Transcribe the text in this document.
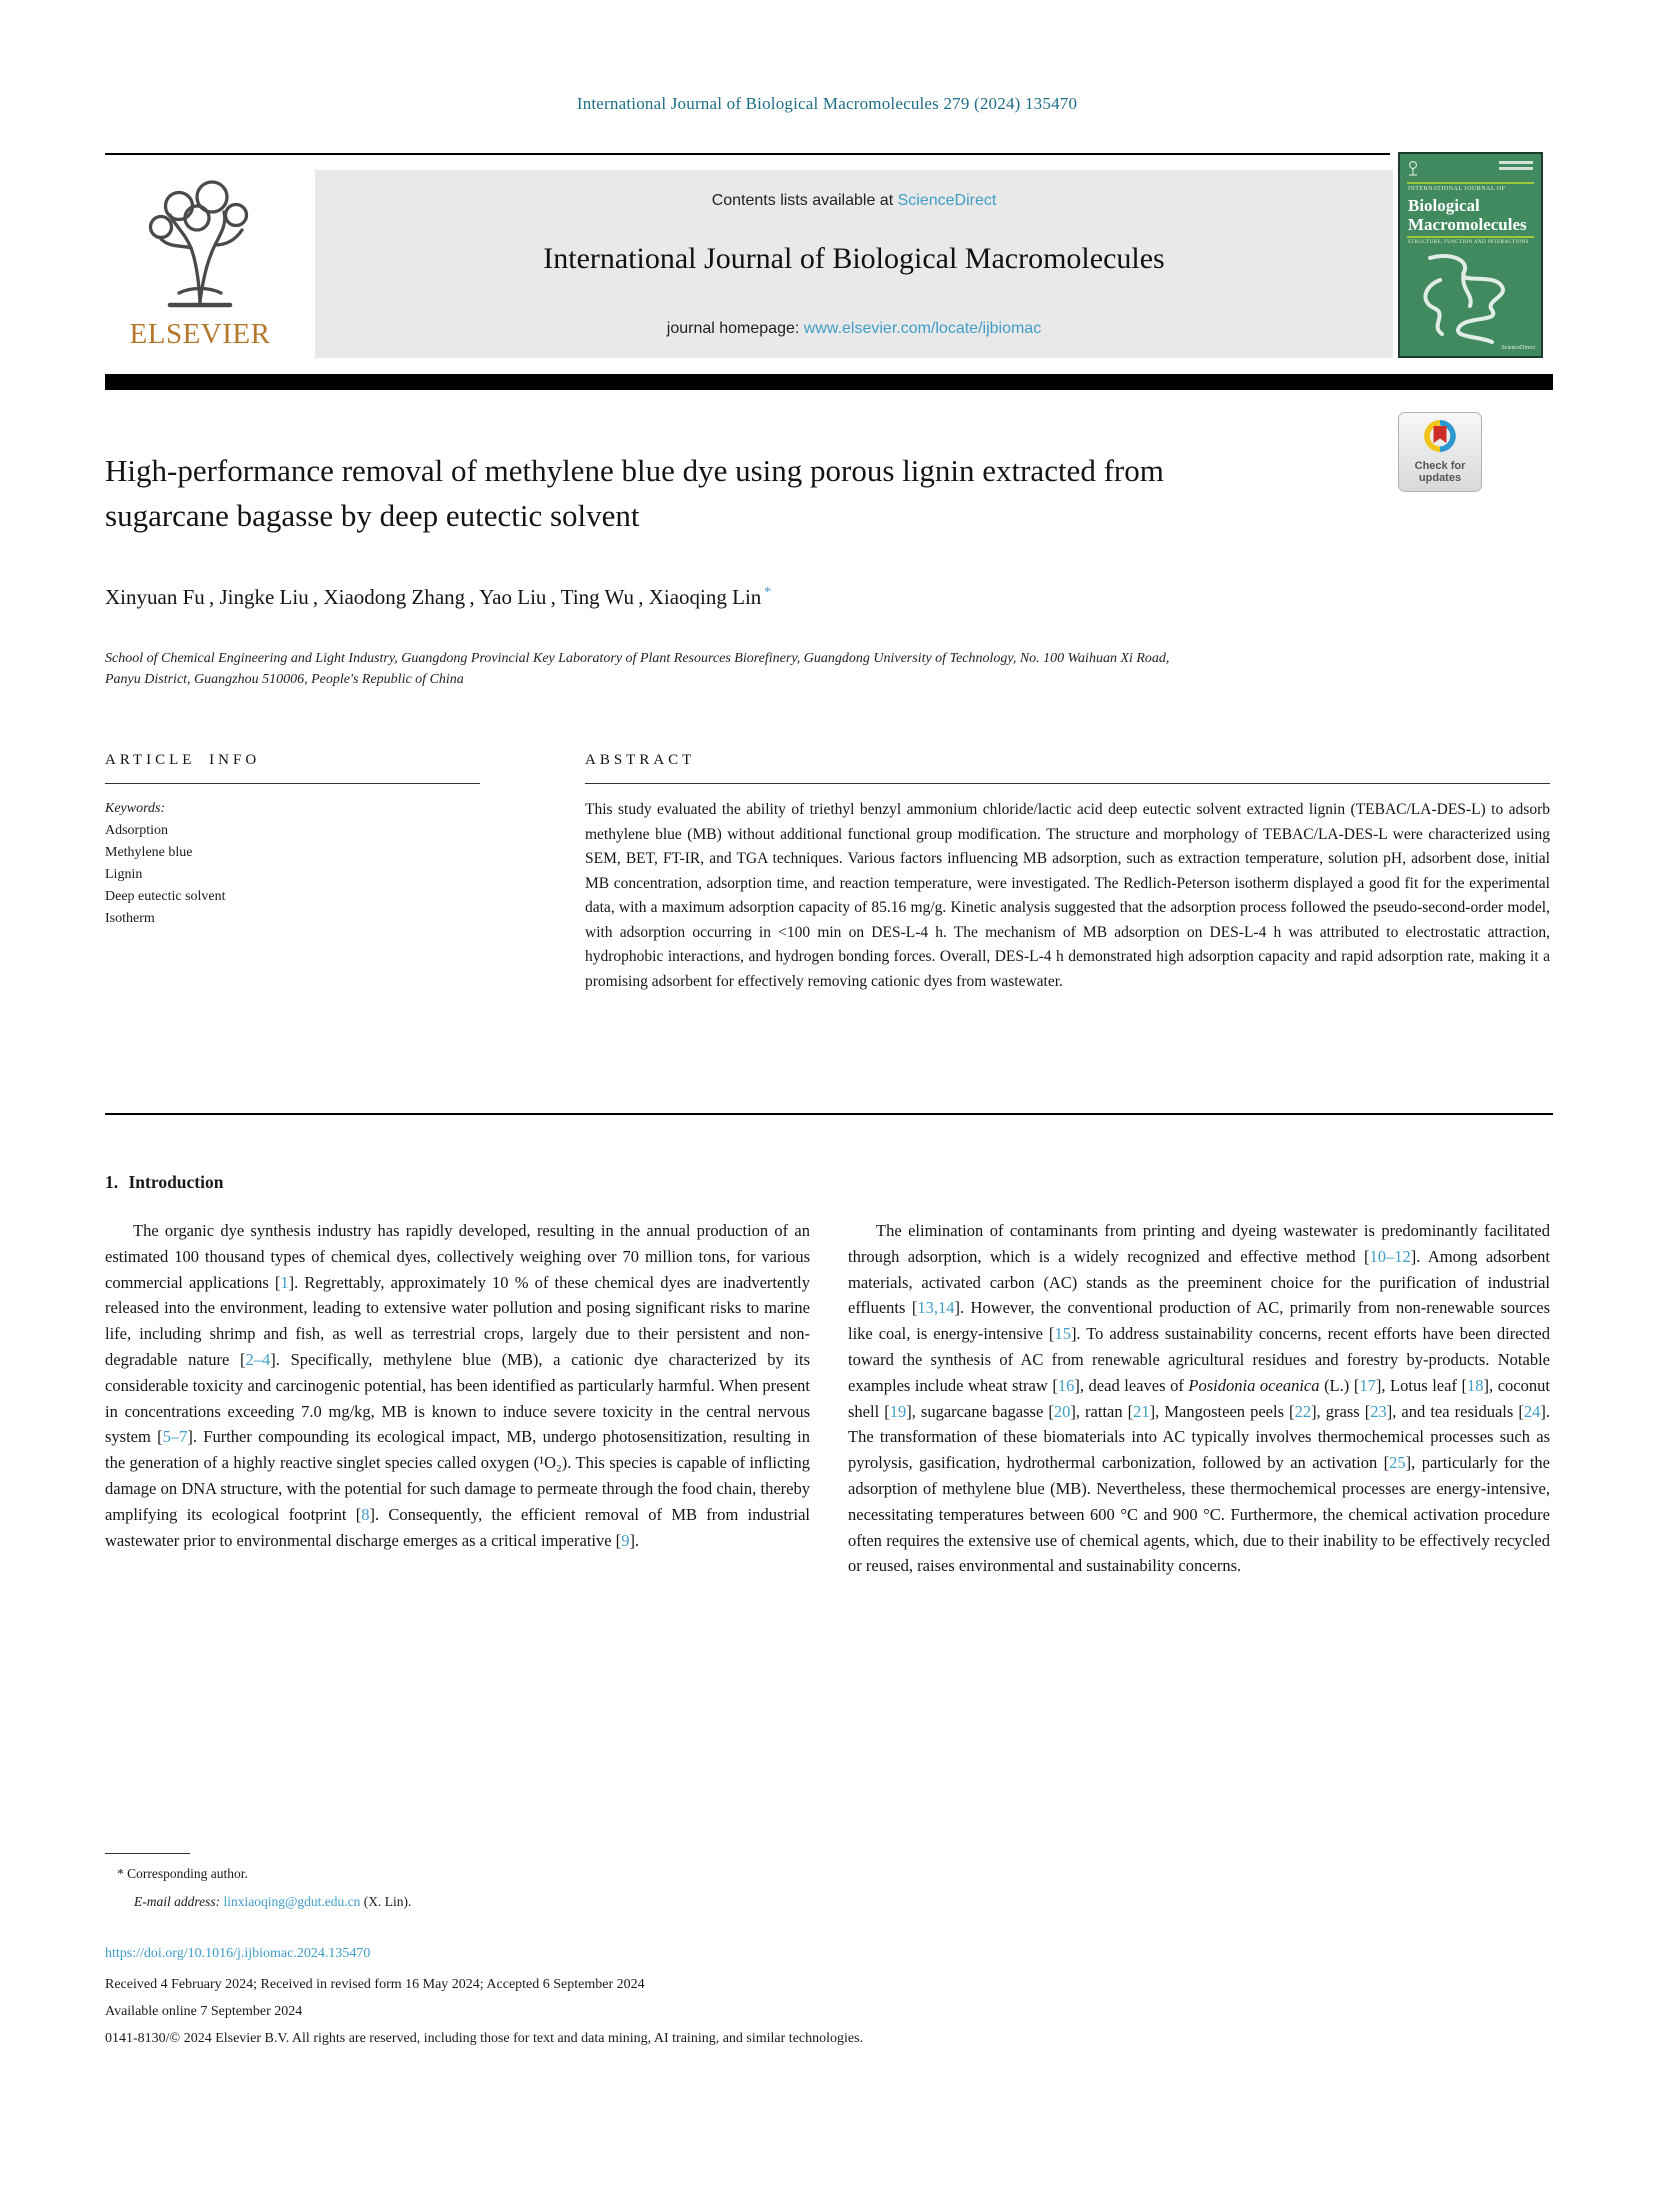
International Journal of Biological Macromolecules 279 (2024) 135470
ELSEVIER
Contents lists available at ScienceDirect
International Journal of Biological Macromolecules
journal homepage: www.elsevier.com/locate/ijbiomac
INTERNATIONAL JOURNAL OF
Biological
Macromolecules
STRUCTURE, FUNCTION AND INTERACTIONS
ScienceDirect
Check for
updates
High-performance removal of methylene blue dye using porous lignin extracted from sugarcane bagasse by deep eutectic solvent
Xinyuan Fu , Jingke Liu , Xiaodong Zhang , Yao Liu , Ting Wu , Xiaoqing Lin *
School of Chemical Engineering and Light Industry, Guangdong Provincial Key Laboratory of Plant Resources Biorefinery, Guangdong University of Technology, No. 100 Waihuan Xi Road, Panyu District, Guangzhou 510006, People's Republic of China
ARTICLE INFO
Keywords:
Adsorption
Methylene blue
Lignin
Deep eutectic solvent
Isotherm
ABSTRACT
This study evaluated the ability of triethyl benzyl ammonium chloride/lactic acid deep eutectic solvent extracted lignin (TEBAC/LA-DES-L) to adsorb methylene blue (MB) without additional functional group modification. The structure and morphology of TEBAC/LA-DES-L were characterized using SEM, BET, FT-IR, and TGA techniques. Various factors influencing MB adsorption, such as extraction temperature, solution pH, adsorbent dose, initial MB concentration, adsorption time, and reaction temperature, were investigated. The Redlich-Peterson isotherm displayed a good fit for the experimental data, with a maximum adsorption capacity of 85.16 mg/g. Kinetic analysis suggested that the adsorption process followed the pseudo-second-order model, with adsorption occurring in <100 min on DES-L-4 h. The mechanism of MB adsorption on DES-L-4 h was attributed to electrostatic attraction, hydrophobic interactions, and hydrogen bonding forces. Overall, DES-L-4 h demonstrated high adsorption capacity and rapid adsorption rate, making it a promising adsorbent for effectively removing cationic dyes from wastewater.
1. Introduction

The organic dye synthesis industry has rapidly developed, resulting in the annual production of an estimated 100 thousand types of chemical dyes, collectively weighing over 70 million tons, for various commercial applications [1]. Regrettably, approximately 10 % of these chemical dyes are inadvertently released into the environment, leading to extensive water pollution and posing significant risks to marine life, including shrimp and fish, as well as terrestrial crops, largely due to their persistent and non-degradable nature [2–4]. Specifically, methylene blue (MB), a cationic dye characterized by its considerable toxicity and carcinogenic potential, has been identified as particularly harmful. When present in concentrations exceeding 7.0 mg/kg, MB is known to induce severe toxicity in the central nervous system [5–7]. Further compounding its ecological impact, MB, undergo photosensitization, resulting in the generation of a highly reactive singlet species called oxygen (¹O₂). This species is capable of inflicting damage on DNA structure, with the potential for such damage to permeate through the food chain, thereby amplifying its ecological footprint [8]. Consequently, the efficient removal of MB from industrial wastewater prior to environmental discharge emerges as a critical imperative [9].

The elimination of contaminants from printing and dyeing wastewater is predominantly facilitated through adsorption, which is a widely recognized and effective method [10–12]. Among adsorbent materials, activated carbon (AC) stands as the preeminent choice for the purification of industrial effluents [13,14]. However, the conventional production of AC, primarily from non-renewable sources like coal, is energy-intensive [15]. To address sustainability concerns, recent efforts have been directed toward the synthesis of AC from renewable agricultural residues and forestry by-products. Notable examples include wheat straw [16], dead leaves of Posidonia oceanica (L.) [17], Lotus leaf [18], coconut shell [19], sugarcane bagasse [20], rattan [21], Mangosteen peels [22], grass [23], and tea residuals [24]. The transformation of these biomaterials into AC typically involves thermochemical processes such as pyrolysis, gasification, hydrothermal carbonization, followed by an activation [25], particularly for the adsorption of methylene blue (MB). Nevertheless, these thermochemical processes are energy-intensive, necessitating temperatures between 600 °C and 900 °C. Furthermore, the chemical activation procedure often requires the extensive use of chemical agents, which, due to their inability to be effectively recycled or reused, raises environmental and sustainability concerns.

* Corresponding author.
E-mail address: linxiaoqing@gdut.edu.cn (X. Lin).
https://doi.org/10.1016/j.ijbiomac.2024.135470
Received 4 February 2024; Received in revised form 16 May 2024; Accepted 6 September 2024
Available online 7 September 2024
0141-8130/© 2024 Elsevier B.V. All rights are reserved, including those for text and data mining, AI training, and similar technologies.
